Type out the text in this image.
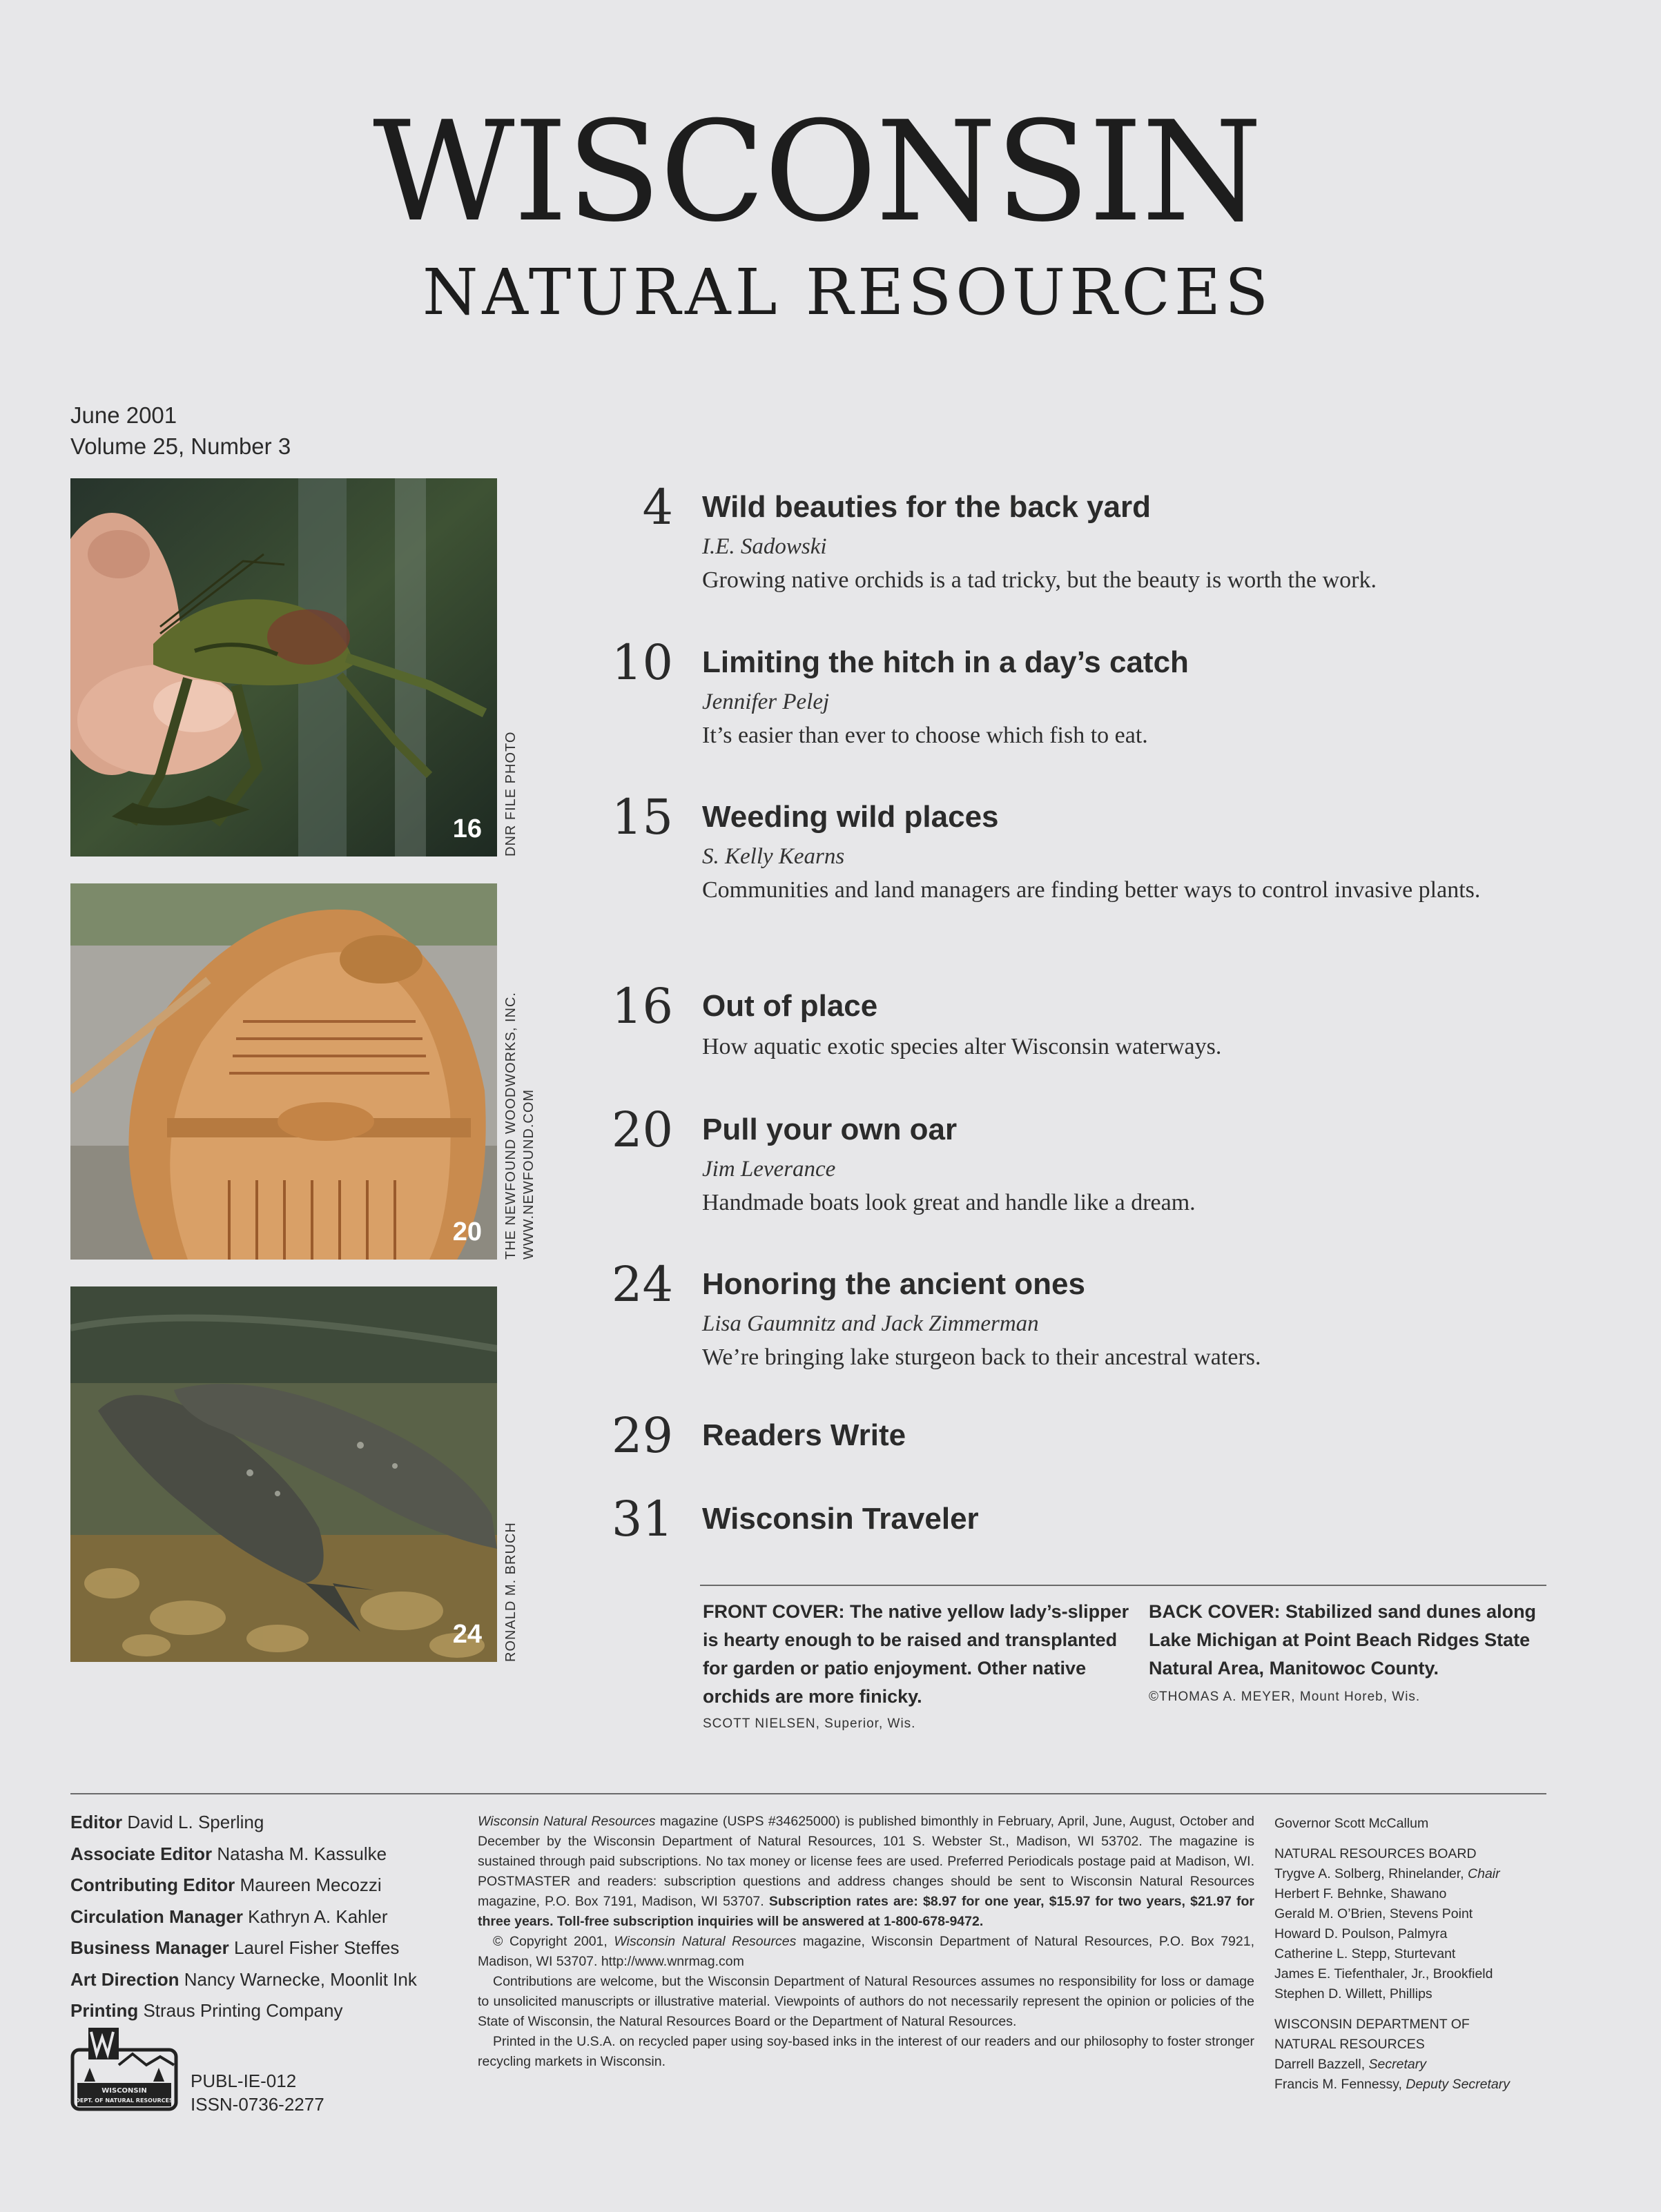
WISCONSIN
NATURAL RESOURCES
June 2001
Volume 25, Number 3
16 DNR FILE PHOTO
20 THE NEWFOUND WOODWORKS, INC. WWW.NEWFOUND.COM
24 RONALD M. BRUCH
4 Wild beauties for the back yard
I.E. Sadowski
Growing native orchids is a tad tricky, but the beauty is worth the work.
10 Limiting the hitch in a day’s catch
Jennifer Pelej
It’s easier than ever to choose which fish to eat.
15 Weeding wild places
S. Kelly Kearns
Communities and land managers are finding better ways to control invasive plants.
16 Out of place
How aquatic exotic species alter Wisconsin waterways.
20 Pull your own oar
Jim Leverance
Handmade boats look great and handle like a dream.
24 Honoring the ancient ones
Lisa Gaumnitz and Jack Zimmerman
We’re bringing lake sturgeon back to their ancestral waters.
29 Readers Write
31 Wisconsin Traveler
FRONT COVER: The native yellow lady’s-slipper is hearty enough to be raised and transplanted for garden or patio enjoyment. Other native orchids are more finicky.
SCOTT NIELSEN, Superior, Wis.
BACK COVER: Stabilized sand dunes along Lake Michigan at Point Beach Ridges State Natural Area, Manitowoc County.
©THOMAS A. MEYER, Mount Horeb, Wis.
Editor David L. Sperling
Associate Editor Natasha M. Kassulke
Contributing Editor Maureen Mecozzi
Circulation Manager Kathryn A. Kahler
Business Manager Laurel Fisher Steffes
Art Direction Nancy Warnecke, Moonlit Ink
Printing Straus Printing Company

Wisconsin Natural Resources magazine (USPS #34625000) is published bimonthly in February, April, June, August, October and December by the Wisconsin Department of Natural Resources, 101 S. Webster St., Madison, WI 53702. The magazine is sustained through paid subscriptions. No tax money or license fees are used. Preferred Periodicals postage paid at Madison, WI. POSTMASTER and readers: subscription questions and address changes should be sent to Wisconsin Natural Resources magazine, P.O. Box 7191, Madison, WI 53707. Subscription rates are: $8.97 for one year, $15.97 for two years, $21.97 for three years. Toll-free subscription inquiries will be answered at 1-800-678-9472.

© Copyright 2001, Wisconsin Natural Resources magazine, Wisconsin Department of Natural Resources, P.O. Box 7921, Madison, WI 53707. http://www.wnrmag.com

Contributions are welcome, but the Wisconsin Department of Natural Resources assumes no responsibility for loss or damage to unsolicited manuscripts or illustrative material. Viewpoints of authors do not necessarily represent the opinion or policies of the State of Wisconsin, the Natural Resources Board or the Department of Natural Resources.

Printed in the U.S.A. on recycled paper using soy-based inks in the interest of our readers and our philosophy to foster stronger recycling markets in Wisconsin.

Governor Scott McCallum
NATURAL RESOURCES BOARD
Trygve A. Solberg, Rhinelander, Chair
Herbert F. Behnke, Shawano
Gerald M. O’Brien, Stevens Point
Howard D. Poulson, Palmyra
Catherine L. Stepp, Sturtevant
James E. Tiefenthaler, Jr., Brookfield
Stephen D. Willett, Phillips
WISCONSIN DEPARTMENT OF
NATURAL RESOURCES
Darrell Bazzell, Secretary
Francis M. Fennessy, Deputy Secretary
WISCONSIN
DEPT. OF NATURAL RESOURCES
PUBL-IE-012
ISSN-0736-2277
